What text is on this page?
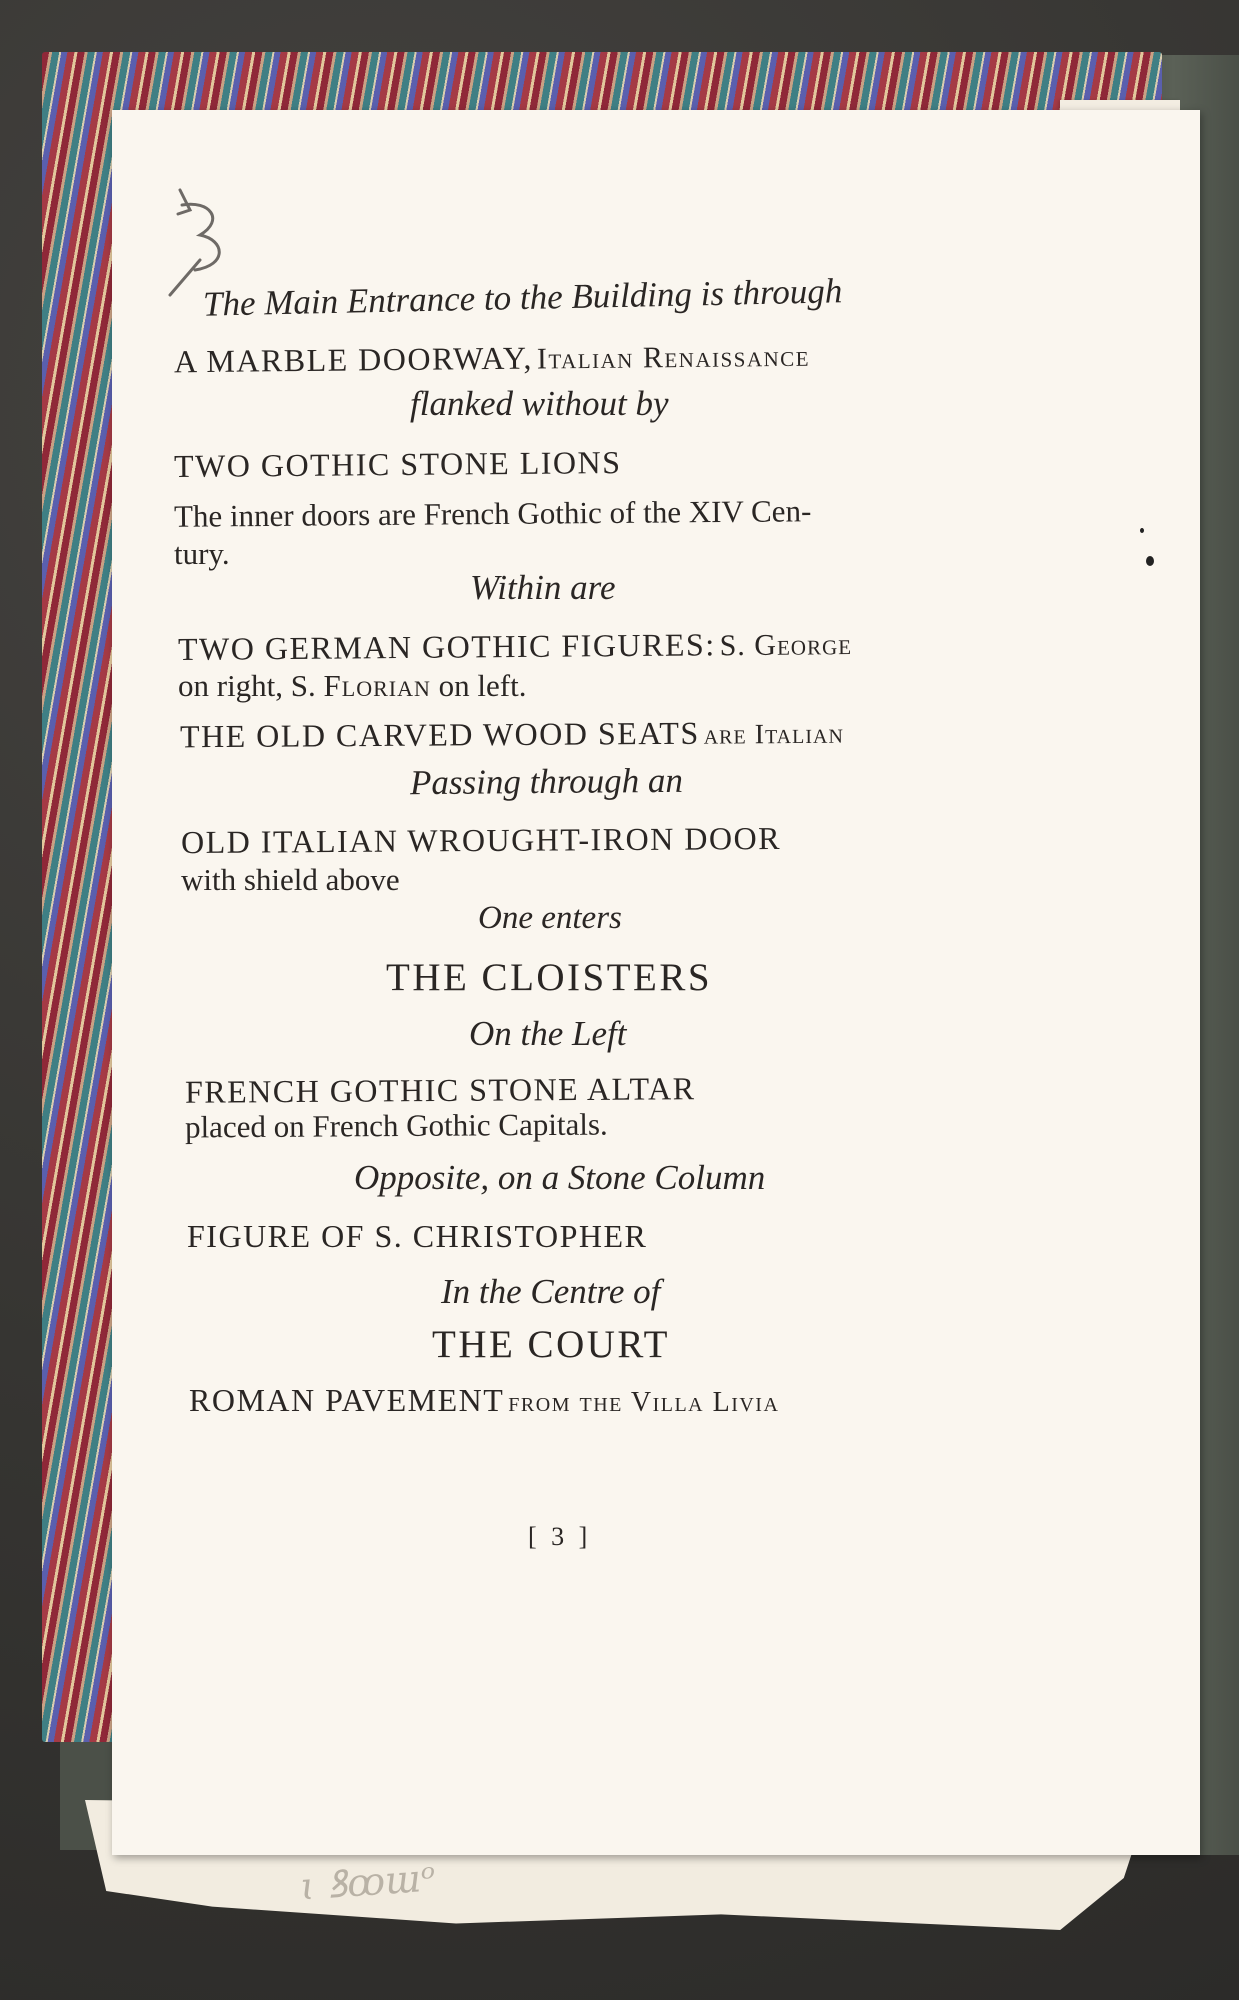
ɩ ꝸꝏɯᵒ
The Main Entrance to the Building is through
A MARBLE DOORWAY, Italian Renaissance
flanked without by
TWO GOTHIC STONE LIONS
The inner doors are French Gothic of the XIV Cen-
tury.
Within are
TWO GERMAN GOTHIC FIGURES: S. George
on right, S. Florian on left.
THE OLD CARVED WOOD SEATS are Italian
Passing through an
OLD ITALIAN WROUGHT-IRON DOOR
with shield above
One enters
THE CLOISTERS
On the Left
FRENCH GOTHIC STONE ALTAR
placed on French Gothic Capitals.
Opposite, on a Stone Column
FIGURE OF S. CHRISTOPHER
In the Centre of
THE COURT
ROMAN PAVEMENT from the Villa Livia
[ 3 ]
